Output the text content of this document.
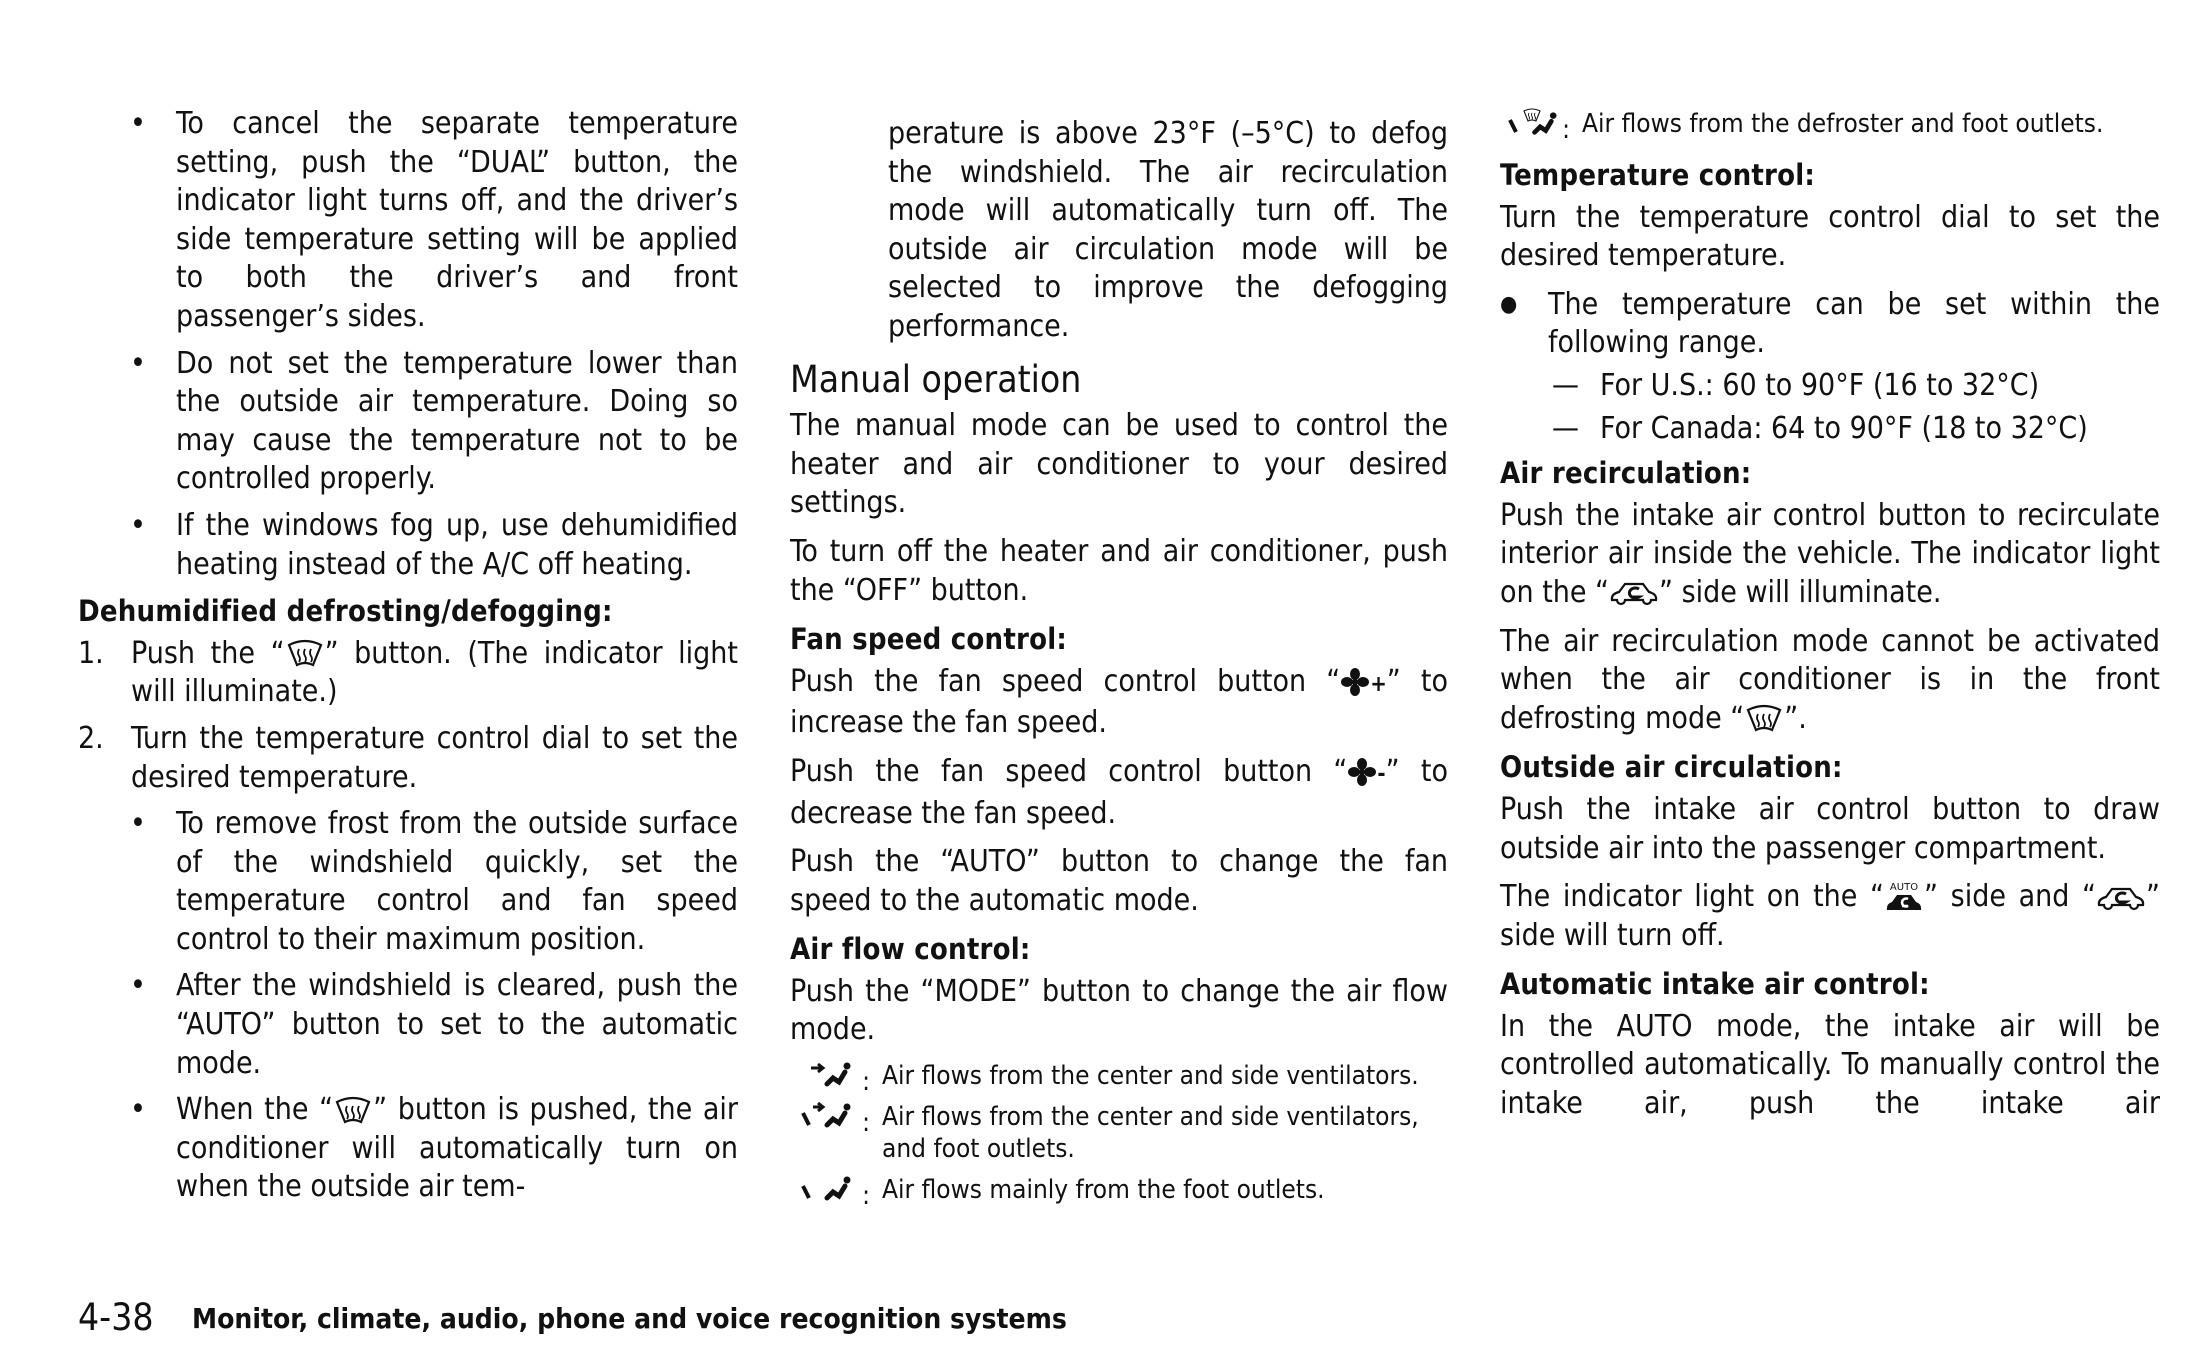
• To cancel the separate temperature setting, push the “DUAL” button, the indicator light turns off, and the driver’s side temperature setting will be applied to both the driver’s and front passenger’s sides.

• Do not set the temperature lower than the outside air temperature. Doing so may cause the temperature not to be controlled properly.

• If the windows fog up, use dehumidified heating instead of the A/C off heating.

Dehumidified defrosting/defogging:

1. Push the “ ” button. (The indicator light will illuminate.)

2. Turn the temperature control dial to set the desired temperature.

• To remove frost from the outside surface of the windshield quickly, set the temperature control and fan speed control to their maximum position.

• After the windshield is cleared, push the “AUTO” button to set to the automatic mode.

• When the “ ” button is pushed, the air conditioner will automatically turn on when the outside air tem-

perature is above 23°F (–5°C) to defog the windshield. The air recirculation mode will automatically turn off. The outside air circulation mode will be selected to improve the defogging performance.

Manual operation

The manual mode can be used to control the heater and air conditioner to your desired settings.

To turn off the heater and air conditioner, push the “OFF” button.

Fan speed control:

Push the fan speed control button “ +” to increase the fan speed.

Push the fan speed control button “ -” to decrease the fan speed.

Push the “AUTO” button to change the fan speed to the automatic mode.

Air flow control:

Push the “MODE” button to change the air flow mode.

: Air flows from the center and side ventilators.
: Air flows from the center and side ventilators, and foot outlets.
: Air flows mainly from the foot outlets.
: Air flows from the defroster and foot outlets.
Temperature control:

Turn the temperature control dial to set the desired temperature.

● The temperature can be set within the following range.

— For U.S.: 60 to 90°F (16 to 32°C)
— For Canada: 64 to 90°F (18 to 32°C)
Air recirculation:

Push the intake air control button to recirculate interior air inside the vehicle. The indicator light on the “ ” side will illuminate.

The air recirculation mode cannot be activated when the air conditioner is in the front defrosting mode “ ”.

Outside air circulation:

Push the intake air control button to draw outside air into the passenger compartment.

The indicator light on the “ ” side and “ ” side will turn off.

Automatic intake air control:

In the AUTO mode, the intake air will be controlled automatically. To manually control the intake air, push the intake air

4-38 Monitor, climate, audio, phone and voice recognition systems
